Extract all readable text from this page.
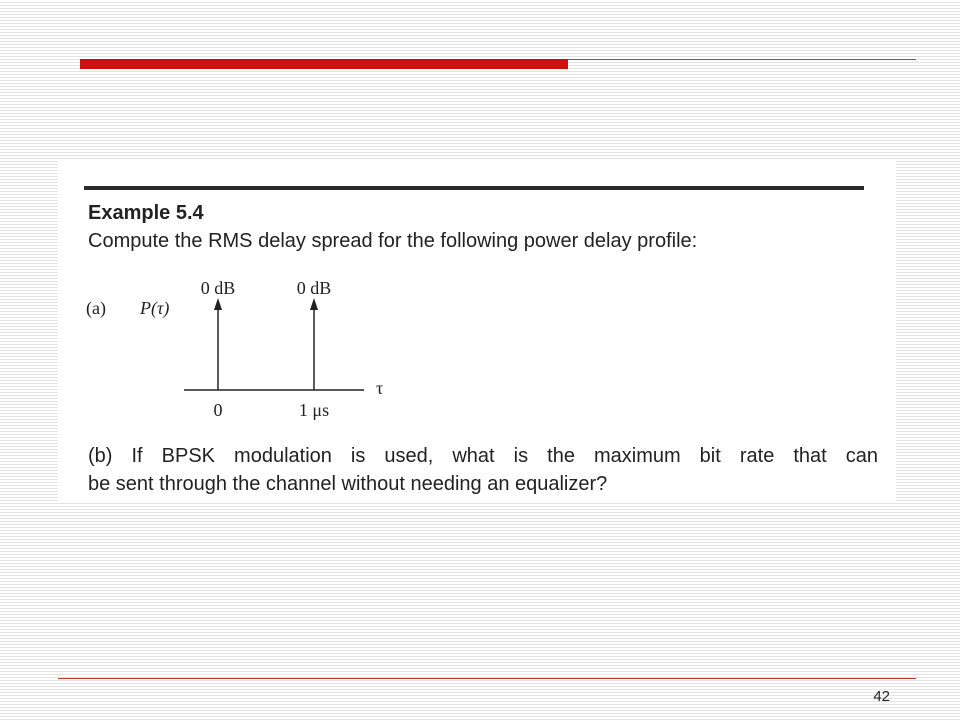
Example 5.4
Compute the RMS delay spread for the following power delay profile:
(a) P(τ)
τ
0 dB
0
0 dB
1 μs
(b) If BPSK modulation is used, what is the maximum bit rate that can
be sent through the channel without needing an equalizer?
42
